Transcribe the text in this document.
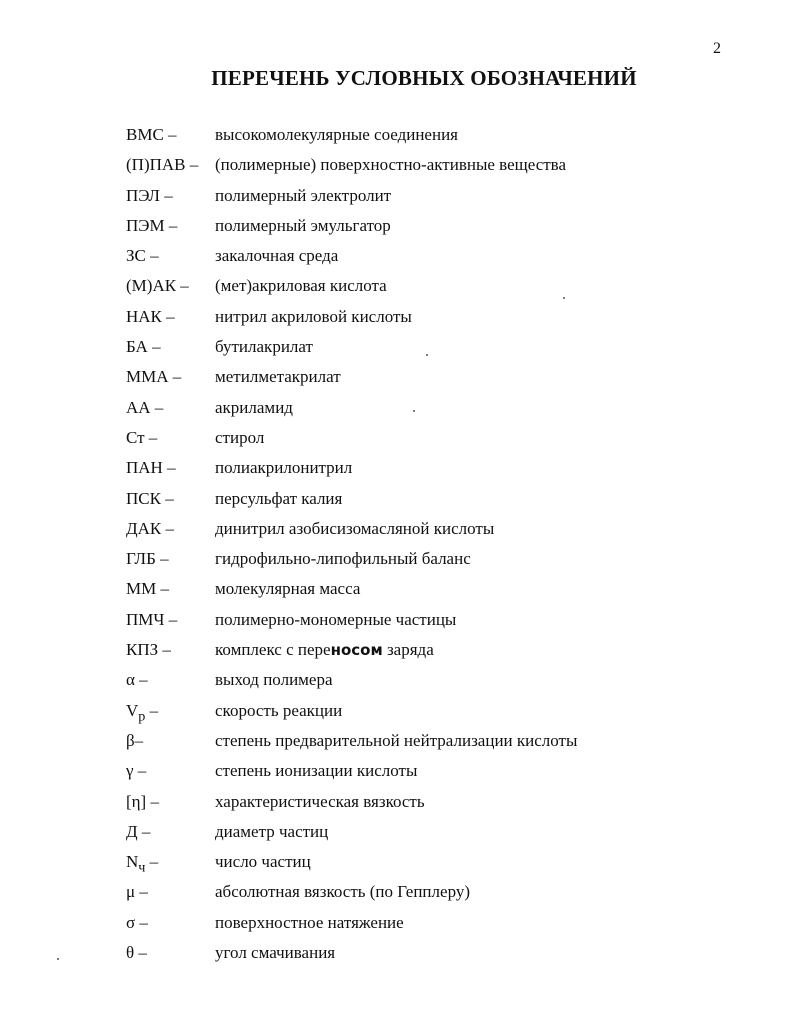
2
ПЕРЕЧЕНЬ УСЛОВНЫХ ОБОЗНАЧЕНИЙ
ВМС – высокомолекулярные соединения
(П)ПАВ – (полимерные) поверхностно-активные вещества
ПЭЛ – полимерный электролит
ПЭМ – полимерный эмульгатор
ЗС –	закалочная среда
(М)АК – (мет)акриловая кислота
НАК – нитрил акриловой кислоты
БА –	бутилакрилат
ММА – метилметакрилат
АА –	акриламид
Ст –	стирол
ПАН – полиакрилонитрил
ПСК – персульфат калия
ДАК – динитрил азобисизомасляной кислоты
ГЛБ –	гидрофильно-липофильный баланс
ММ –	молекулярная масса
ПМЧ – полимерно-мономерные частицы
КПЗ –	комплекс с переносом заряда
α –	выход полимера
$V_p$ –	скорость реакции
β–	степень предварительной нейтрализации кислоты
γ –	степень ионизации кислоты
[η] –	характеристическая вязкость
Д –	диаметр частиц
$N_ч$ –	число частиц
μ –	абсолютная вязкость (по Гепплеру)
σ –	поверхностное натяжение
θ –	угол смачивания
